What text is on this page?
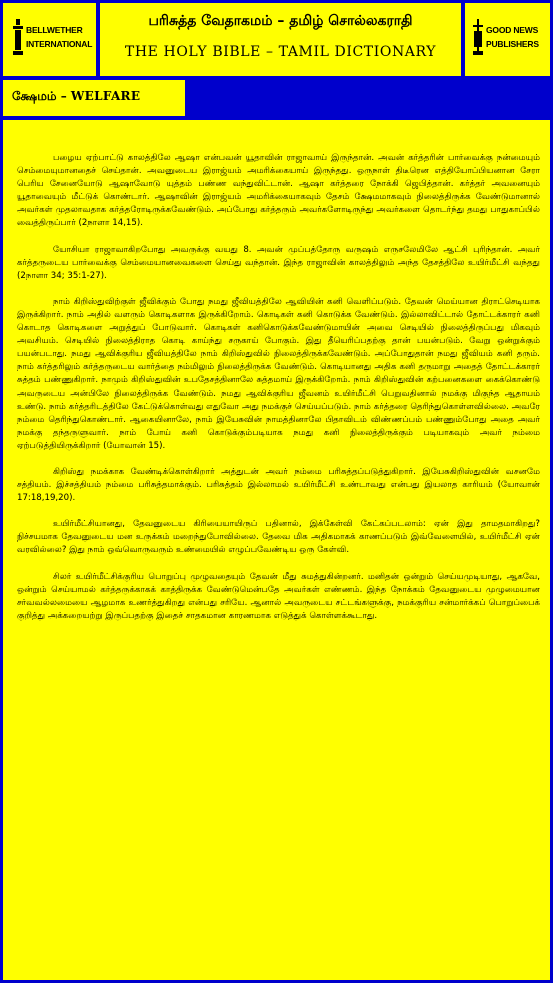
BELLWETHER
INTERNATIONAL
பரிசுத்த வேதாகமம் – தமிழ் சொல்லகராதி
THE HOLY BIBLE – TAMIL DICTIONARY
GOOD NEWS
PUBLISHERS
க்ஷேமம் – WELFARE

பழைய ஏற்பாட்டு காலத்திலே ஆஷா என்பவன் யூதாவின் ராஜாவாய் இருந்தான். அவன் கர்த்தரின் பார்வைக்கு நன்மையும் செம்மையுமானதைச் செய்தான். அவனுடைய இராஜ்யம் அமரிக்கையாய் இருந்தது. ஒருநாள் திடீரென எத்தியோப்பியனான சேரா பெரிய சேனையோடு ஆஷாவோடு யுத்தம் பண்ண வந்துவிட்டான். ஆஷா கர்த்தரை நோக்கி ஜெபித்தான். கர்த்தர் அவனையும் யூதாவையும் மீட்டுக் கொண்டார். ஆஷாவின் இராஜ்யம் அமரிக்கையாகவும் தேசம் க்ஷேமமாகவும் நிலைத்திருக்க வேண்டுமானால் அவர்கள் முதலாவதாக கர்த்தரோடிருக்கவேண்டும். அப்போது கர்த்தரும் அவர்களோடிருந்து அவர்களை தொடர்ந்து தமது பாதுகாப்பில் வைத்திருப்பார் (2நாளா 14,15).

யோசியா ராஜாவாகிறபோது அவருக்கு வயது 8. அவன் முப்பத்தோரு வருஷம் எருசலேமிலே ஆட்சி புரிந்தான். அவர் கர்த்தருடைய பார்வைக்கு செம்மையானவைகளை செய்து வந்தான். இந்த ராஜாவின் காலத்திலும் அந்த தேசத்திலே உயிர்மீட்சி வந்தது (2நாளா 34; 35:1-27).

நாம் கிறிஸ்துவிற்குள் ஜீவிக்கும் போது நமது ஜீவியத்திலே ஆவியின் கனி வெளிப்படும். தேவன் மெய்யான திராட்செடியாக இருக்கிறார். நாம் அதில் வளரும் கொடிகளாக இருக்கிறோம். கொடிகள் கனி கொடுக்க வேண்டும். இல்லாவிட்டால் தோட்டக்காரர் கனி கொடாத கொடிகளை அறுத்துப் போடுவார். கொடிகள் கனிகொடுக்கவேண்டுமாயின் அவை செடியில் நிலைத்திருப்பது மிகவும் அவசியம். செடியில் நிலைத்திராத கொடி காய்ந்து சருகாய் போகும். இது தீயெரிப்பதற்கு தான் பயன்படும். வேறு ஒன்றுக்கும் பயன்படாது. நமது ஆவிக்குரிய ஜீவியத்திலே நாம் கிறிஸ்துவில் நிலைத்திருக்கவேண்டும். அப்போதுதான் நமது ஜீவியம் கனி தரும். நாம் கர்த்தரிலும் கர்த்தருடைய வார்த்தை நம்மிலும் நிலைத்திருக்க வேண்டும். கொடியானது அதிக கனி தருமாறு அதைத் தோட்டக்காரர் சுத்தம் பண்ணுகிறார். நாமும் கிறிஸ்துவின் உபதேசத்தினாலே சுத்தமாய் இருக்கிறோம். நாம் கிறிஸ்துவின் கற்பனைகளை கைக்கொண்டு அவருடைய அன்பிலே நிலைத்திருக்க வேண்டும். நமது ஆவிக்குரிய ஜீவனம் உயிர்மீட்சி பெறுவதினால் நமக்கு மிகுந்த ஆதாயம் உண்டு. நாம் கர்த்தரிடத்திலே கேட்டுக்கொள்வது எதுவோ அது நமக்குச் செய்யப்படும். நாம் கர்த்தரை தெரிந்துகொள்ளவில்லை. அவரே நம்மை தெரிந்துகொண்டார். ஆகையினாலே, நாம் இயேசுவின் நாமத்தினாலே பிதாவிடம் விண்ணப்பம் பண்ணும்போது அதை அவர் நமக்கு தந்தருளுவார். நாம் போய் கனி கொடுக்கும்படியாக நமது கனி நிலைத்திருக்கும் படியாகவும் அவர் நம்மை ஏற்படுத்தியிருக்கிறார் (யோவான் 15).

கிறிஸ்து நமக்காக வேண்டிக்கொள்கிறார் அத்துடன் அவர் நம்மை பரிசுத்தப்படுத்துகிறார். இயேசுகிறிஸ்துவின் வசனமே சத்தியம். இச்சத்தியம் நம்மை பரிசுத்தமாக்கும். பரிசுத்தம் இல்லாமல் உயிர்மீட்சி உண்டாவது என்பது இயலாத காரியம் (யோவான் 17:18,19,20).

உயிர்மீட்சியானது, தேவனுடைய கிரியையாயிருப் பதினால், இக்கேள்வி கேட்கப்படலாம்: ஏன் இது தாமதமாகிறது? நிச்சயமாக தேவனுடைய மன உருக்கம் மறைந்துபோவில்லை. தேவை மிக அதிகமாகக் காணப்படும் இவ்வேளையில், உயிர்மீட்சி ஏன் வரவில்லை? இது நாம் ஒவ்வொருவரும் உண்மையில் எழுப்பவேண்டிய ஒரு கேள்வி.

சிலர் உயிர்மீட்சிக்குரிய பொறுப்பு முழுவதையும் தேவன் மீது சுமத்துகின்றனர். மனிதன் ஒன்றும் செய்யமுடியாது, ஆகவே, ஒன்றும் செய்யாமல் கர்த்தருக்காகக் காத்திருக்க வேண்டுமென்பதே அவர்கள் எண்ணம். இந்த நோக்கம் தேவனுடைய முழுமையான சர்வவல்லமையை ஆழமாக உணர்த்துகிறது என்பது சரியே. ஆனால் அவருடைய சட்டங்களுக்கு, நமக்குரிய சன்மார்க்கப் பொறுப்பைக் குறித்து அக்கறையற்று இருப்பதற்கு இதைச் சாதகமான காரணமாக எடுத்துக் கொள்ளக்கூடாது.
